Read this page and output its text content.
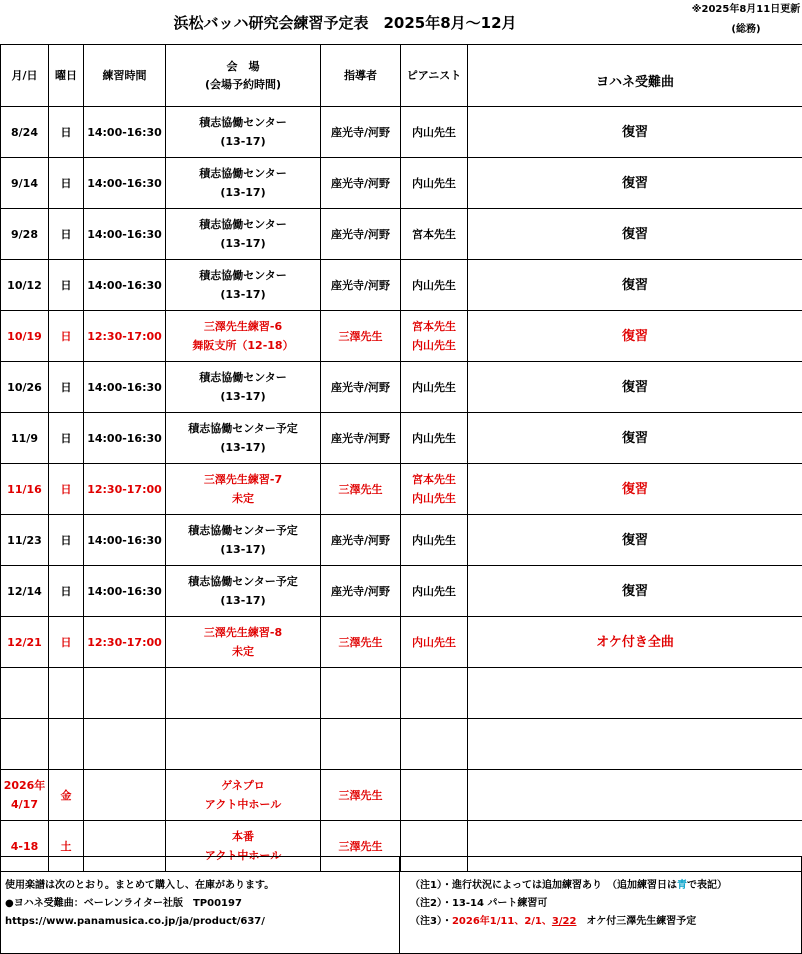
浜松バッハ研究会練習予定表　2025年8月～12月
※2025年8月11日更新(総務)
月/日	曜日	練習時間	会　場
(会場予約時間)	指導者	ピアニスト	ヨハネ受難曲
8/24	日	14:00-16:30	積志協働センター
(13-17)	座光寺/河野	内山先生	復習
9/14	日	14:00-16:30	積志協働センター
(13-17)	座光寺/河野	内山先生	復習
9/28	日	14:00-16:30	積志協働センター
(13-17)	座光寺/河野	宮本先生	復習
10/12	日	14:00-16:30	積志協働センター
(13-17)	座光寺/河野	内山先生	復習
10/19	日	12:30-17:00	三澤先生練習-6
舞阪支所（12-18）	三澤先生	宮本先生
内山先生	復習
10/26	日	14:00-16:30	積志協働センター
(13-17)	座光寺/河野	内山先生	復習
11/9	日	14:00-16:30	積志協働センター予定
(13-17)	座光寺/河野	内山先生	復習
11/16	日	12:30-17:00	三澤先生練習-7
未定	三澤先生	宮本先生
内山先生	復習
11/23	日	14:00-16:30	積志協働センター予定
(13-17)	座光寺/河野	内山先生	復習
12/14	日	14:00-16:30	積志協働センター予定
(13-17)	座光寺/河野	内山先生	復習
12/21	日	12:30-17:00	三澤先生練習-8
未定	三澤先生	内山先生	オケ付き全曲

2026年
4/17	金		ゲネプロ
アクト中ホール	三澤先生	

4-18	土		本番
アクト中ホール	三澤先生	

使用楽譜は次のとおり。まとめて購入し、在庫があります。
●ヨハネ受難曲：ベーレンライター社版　TP00197
https://www.panamusica.co.jp/ja/product/637/
（注1）・進行状況によっては追加練習あり　（追加練習日は青で表記）
（注2）・13-14 パート練習可
（注3）・2026年1/11、2/1、3/22　オケ付三澤先生練習予定
